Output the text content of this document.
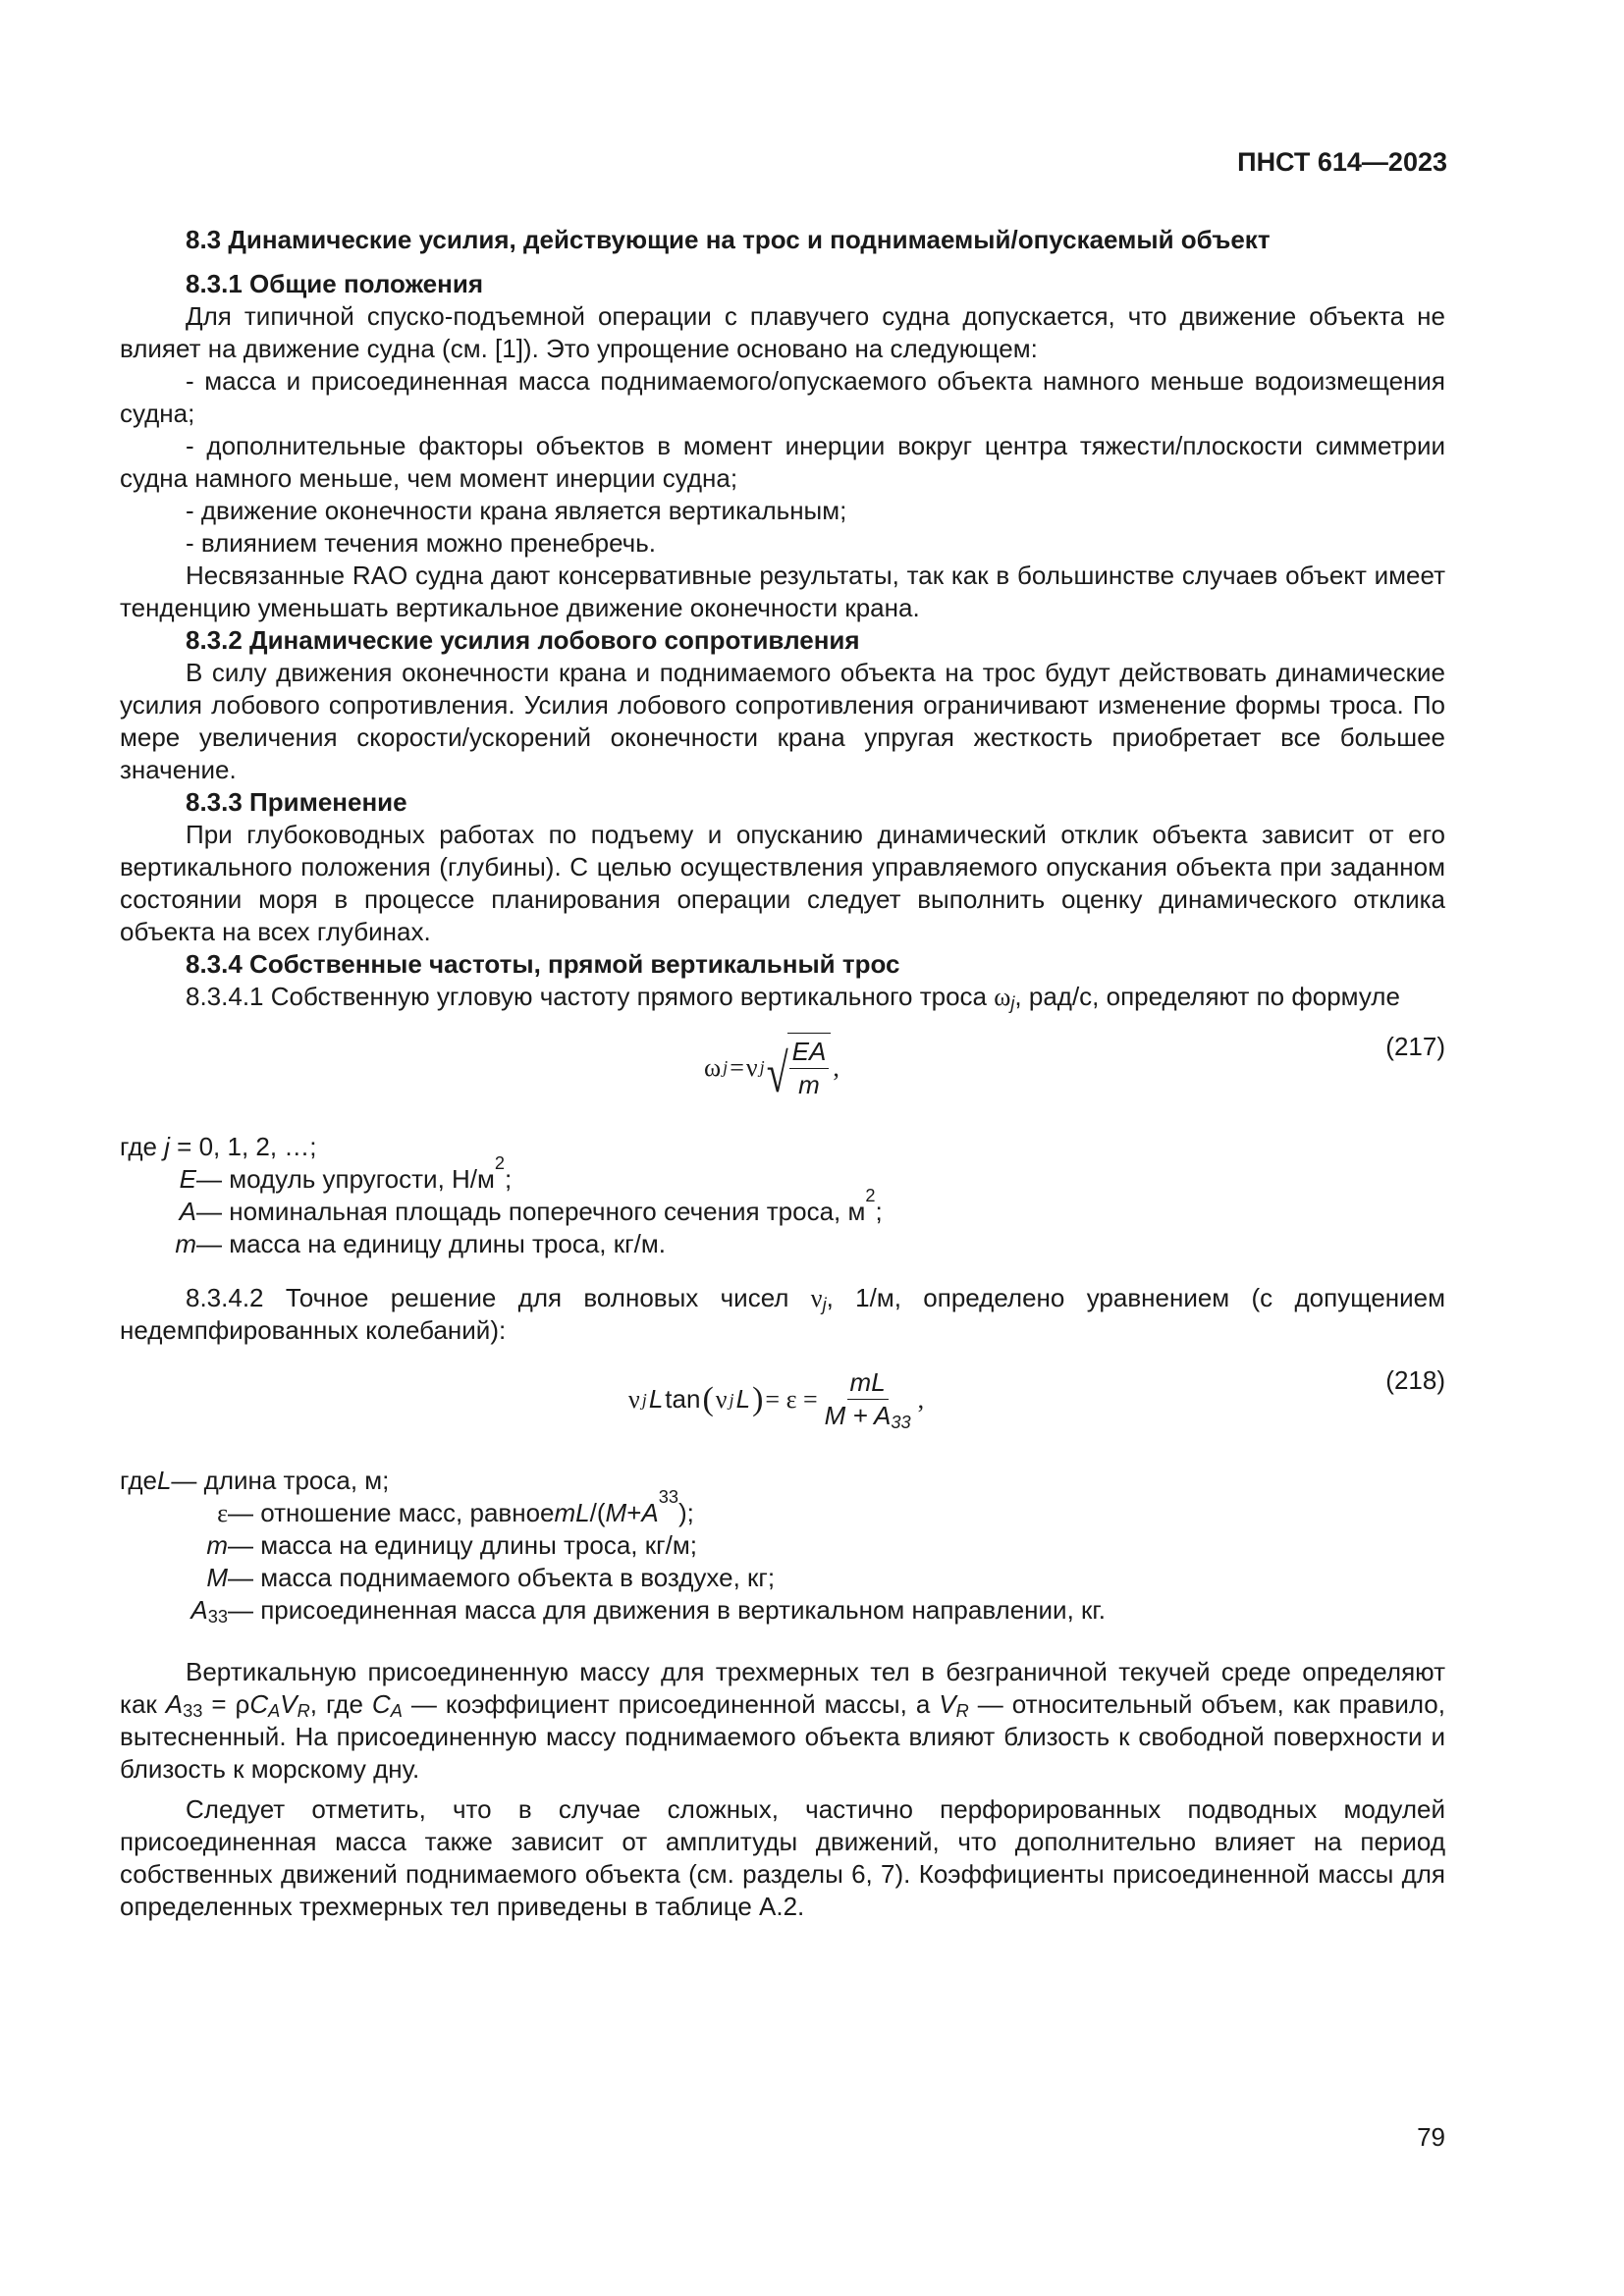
ПНСТ 614—2023

8.3 Динамические усилия, действующие на трос и поднимаемый/опускаемый объект

8.3.1 Общие положения

Для типичной спуско-подъемной операции с плавучего судна допускается, что движение объекта не влияет на движение судна (см. [1]). Это упрощение основано на следующем:

- масса и присоединенная масса поднимаемого/опускаемого объекта намного меньше водоизмещения судна;

- дополнительные факторы объектов в момент инерции вокруг центра тяжести/плоскости симметрии судна намного меньше, чем момент инерции судна;

- движение оконечности крана является вертикальным;

- влиянием течения можно пренебречь.

Несвязанные RAO судна дают консервативные результаты, так как в большинстве случаев объект имеет тенденцию уменьшать вертикальное движение оконечности крана.

8.3.2 Динамические усилия лобового сопротивления

В силу движения оконечности крана и поднимаемого объекта на трос будут действовать динамические усилия лобового сопротивления. Усилия лобового сопротивления ограничивают изменение формы троса. По мере увеличения скорости/ускорений оконечности крана упругая жесткость приобретает все большее значение.

8.3.3 Применение

При глубоководных работах по подъему и опусканию динамический отклик объекта зависит от его вертикального положения (глубины). С целью осуществления управляемого опускания объекта при заданном состоянии моря в процессе планирования операции следует выполнить оценку динамического отклика объекта на всех глубинах.

8.3.4 Собственные частоты, прямой вертикальный трос

8.3.4.1 Собственную угловую частоту прямого вертикального троса $\omega_j$, рад/с, определяют по формуле

ω j = ν j √ $\frac{EA}{m}$ ,
(217)

где j = 0, 1, 2, …;

E — модуль упругости, Н/м
2
;
A — номинальная площадь поперечного сечения троса, м
2
;
m — масса на единицу длины троса, кг/м.

8.3.4.2 Точное решение для волновых чисел $\nu_j$, 1/м, определено уравнением (с допущением недемпфированных колебаний):

ν j L tan ( ν j L ) = $\varepsilon = \frac{mL}{M + A_{33}}$ ,
(218)
где L — длина троса, м;
ε — отношение масс, равное mL /( M + A
33
);
m — масса на единицу длины троса, кг/м;
M — масса поднимаемого объекта в воздухе, кг;
$A_{33}$ — присоединенная масса для движения в вертикальном направлении, кг.

Вертикальную присоединенную массу для трехмерных тел в безграничной текучей среде определяют как $A_{33} = \rho C_AV_R$, где $C_A$ — коэффициент присоединенной массы, а $V_R$ — относительный объем, как правило, вытесненный. На присоединенную массу поднимаемого объекта влияют близость к свободной поверхности и близость к морскому дну.

Следует отметить, что в случае сложных, частично перфорированных подводных модулей присоединенная масса также зависит от амплитуды движений, что дополнительно влияет на период собственных движений поднимаемого объекта (см. разделы 6, 7). Коэффициенты присоединенной массы для определенных трехмерных тел приведены в таблице А.2.

79
